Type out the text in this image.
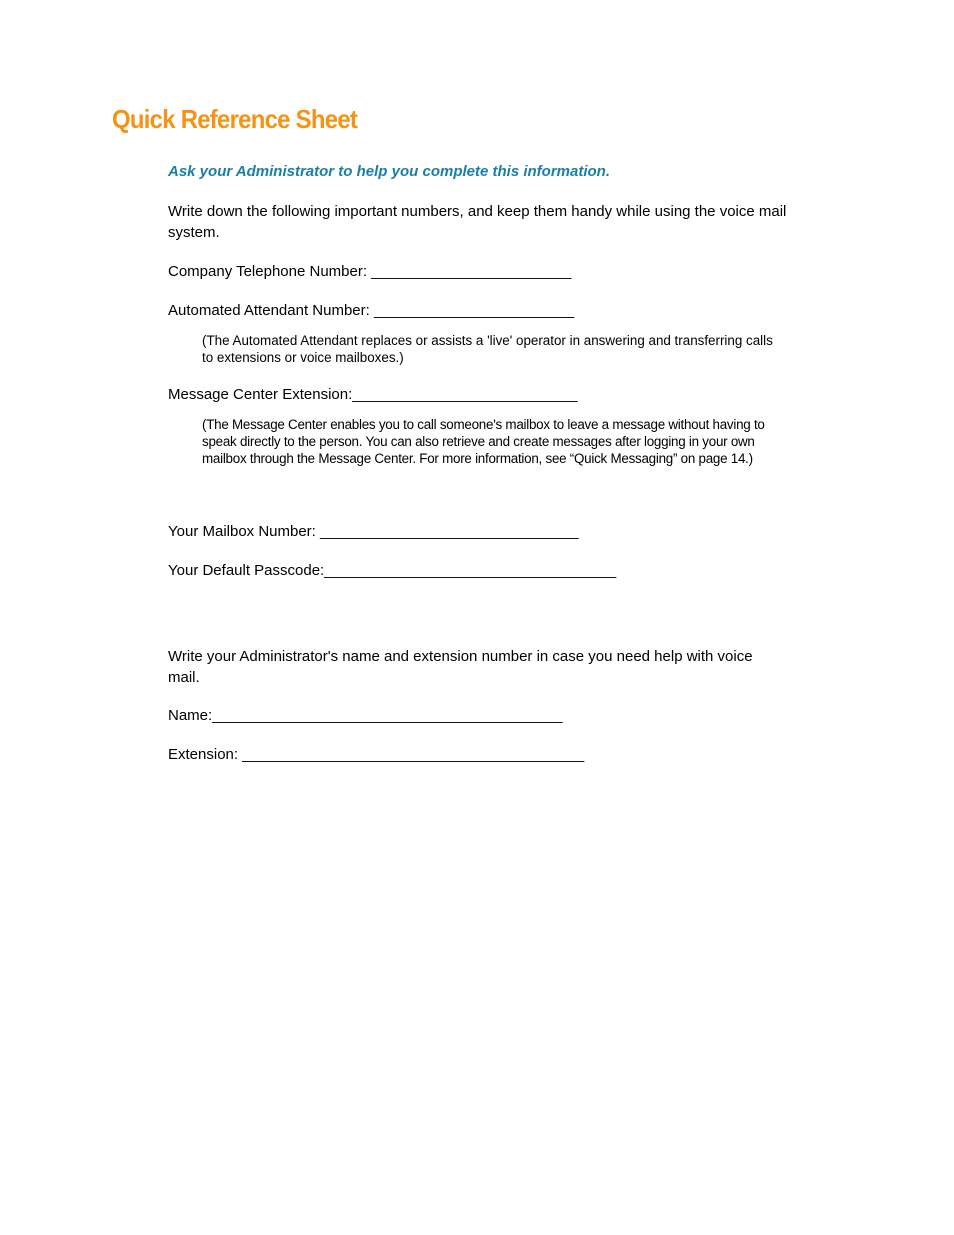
Quick Reference Sheet

Ask your Administrator to help you complete this information.

Write down the following important numbers, and keep them handy while using the voice mail system.

Company Telephone Number: ________________________

Automated Attendant Number: ________________________

(The Automated Attendant replaces or assists a 'live' operator in answering and transferring calls to extensions or voice mailboxes.)

Message Center Extension:___________________________

(The Message Center enables you to call someone's mailbox to leave a message without having to speak directly to the person. You can also retrieve and create messages after logging in your own mailbox through the Message Center. For more information, see “Quick Messaging” on page 14.)

Your Mailbox Number: _______________________________

Your Default Passcode:___________________________________

Write your Administrator's name and extension number in case you need help with voice mail.

Name:__________________________________________

Extension: _________________________________________
